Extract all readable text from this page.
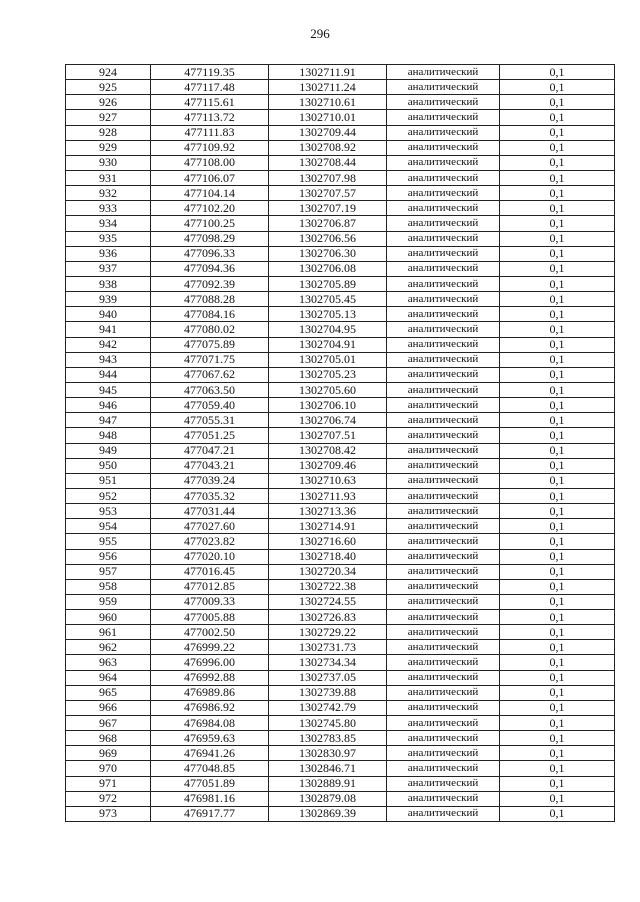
296
924	477119.35	1302711.91	аналитический	0,1
925	477117.48	1302711.24	аналитический	0,1
926	477115.61	1302710.61	аналитический	0,1
927	477113.72	1302710.01	аналитический	0,1
928	477111.83	1302709.44	аналитический	0,1
929	477109.92	1302708.92	аналитический	0,1
930	477108.00	1302708.44	аналитический	0,1
931	477106.07	1302707.98	аналитический	0,1
932	477104.14	1302707.57	аналитический	0,1
933	477102.20	1302707.19	аналитический	0,1
934	477100.25	1302706.87	аналитический	0,1
935	477098.29	1302706.56	аналитический	0,1
936	477096.33	1302706.30	аналитический	0,1
937	477094.36	1302706.08	аналитический	0,1
938	477092.39	1302705.89	аналитический	0,1
939	477088.28	1302705.45	аналитический	0,1
940	477084.16	1302705.13	аналитический	0,1
941	477080.02	1302704.95	аналитический	0,1
942	477075.89	1302704.91	аналитический	0,1
943	477071.75	1302705.01	аналитический	0,1
944	477067.62	1302705.23	аналитический	0,1
945	477063.50	1302705.60	аналитический	0,1
946	477059.40	1302706.10	аналитический	0,1
947	477055.31	1302706.74	аналитический	0,1
948	477051.25	1302707.51	аналитический	0,1
949	477047.21	1302708.42	аналитический	0,1
950	477043.21	1302709.46	аналитический	0,1
951	477039.24	1302710.63	аналитический	0,1
952	477035.32	1302711.93	аналитический	0,1
953	477031.44	1302713.36	аналитический	0,1
954	477027.60	1302714.91	аналитический	0,1
955	477023.82	1302716.60	аналитический	0,1
956	477020.10	1302718.40	аналитический	0,1
957	477016.45	1302720.34	аналитический	0,1
958	477012.85	1302722.38	аналитический	0,1
959	477009.33	1302724.55	аналитический	0,1
960	477005.88	1302726.83	аналитический	0,1
961	477002.50	1302729.22	аналитический	0,1
962	476999.22	1302731.73	аналитический	0,1
963	476996.00	1302734.34	аналитический	0,1
964	476992.88	1302737.05	аналитический	0,1
965	476989.86	1302739.88	аналитический	0,1
966	476986.92	1302742.79	аналитический	0,1
967	476984.08	1302745.80	аналитический	0,1
968	476959.63	1302783.85	аналитический	0,1
969	476941.26	1302830.97	аналитический	0,1
970	477048.85	1302846.71	аналитический	0,1
971	477051.89	1302889.91	аналитический	0,1
972	476981.16	1302879.08	аналитический	0,1
973	476917.77	1302869.39	аналитический	0,1
